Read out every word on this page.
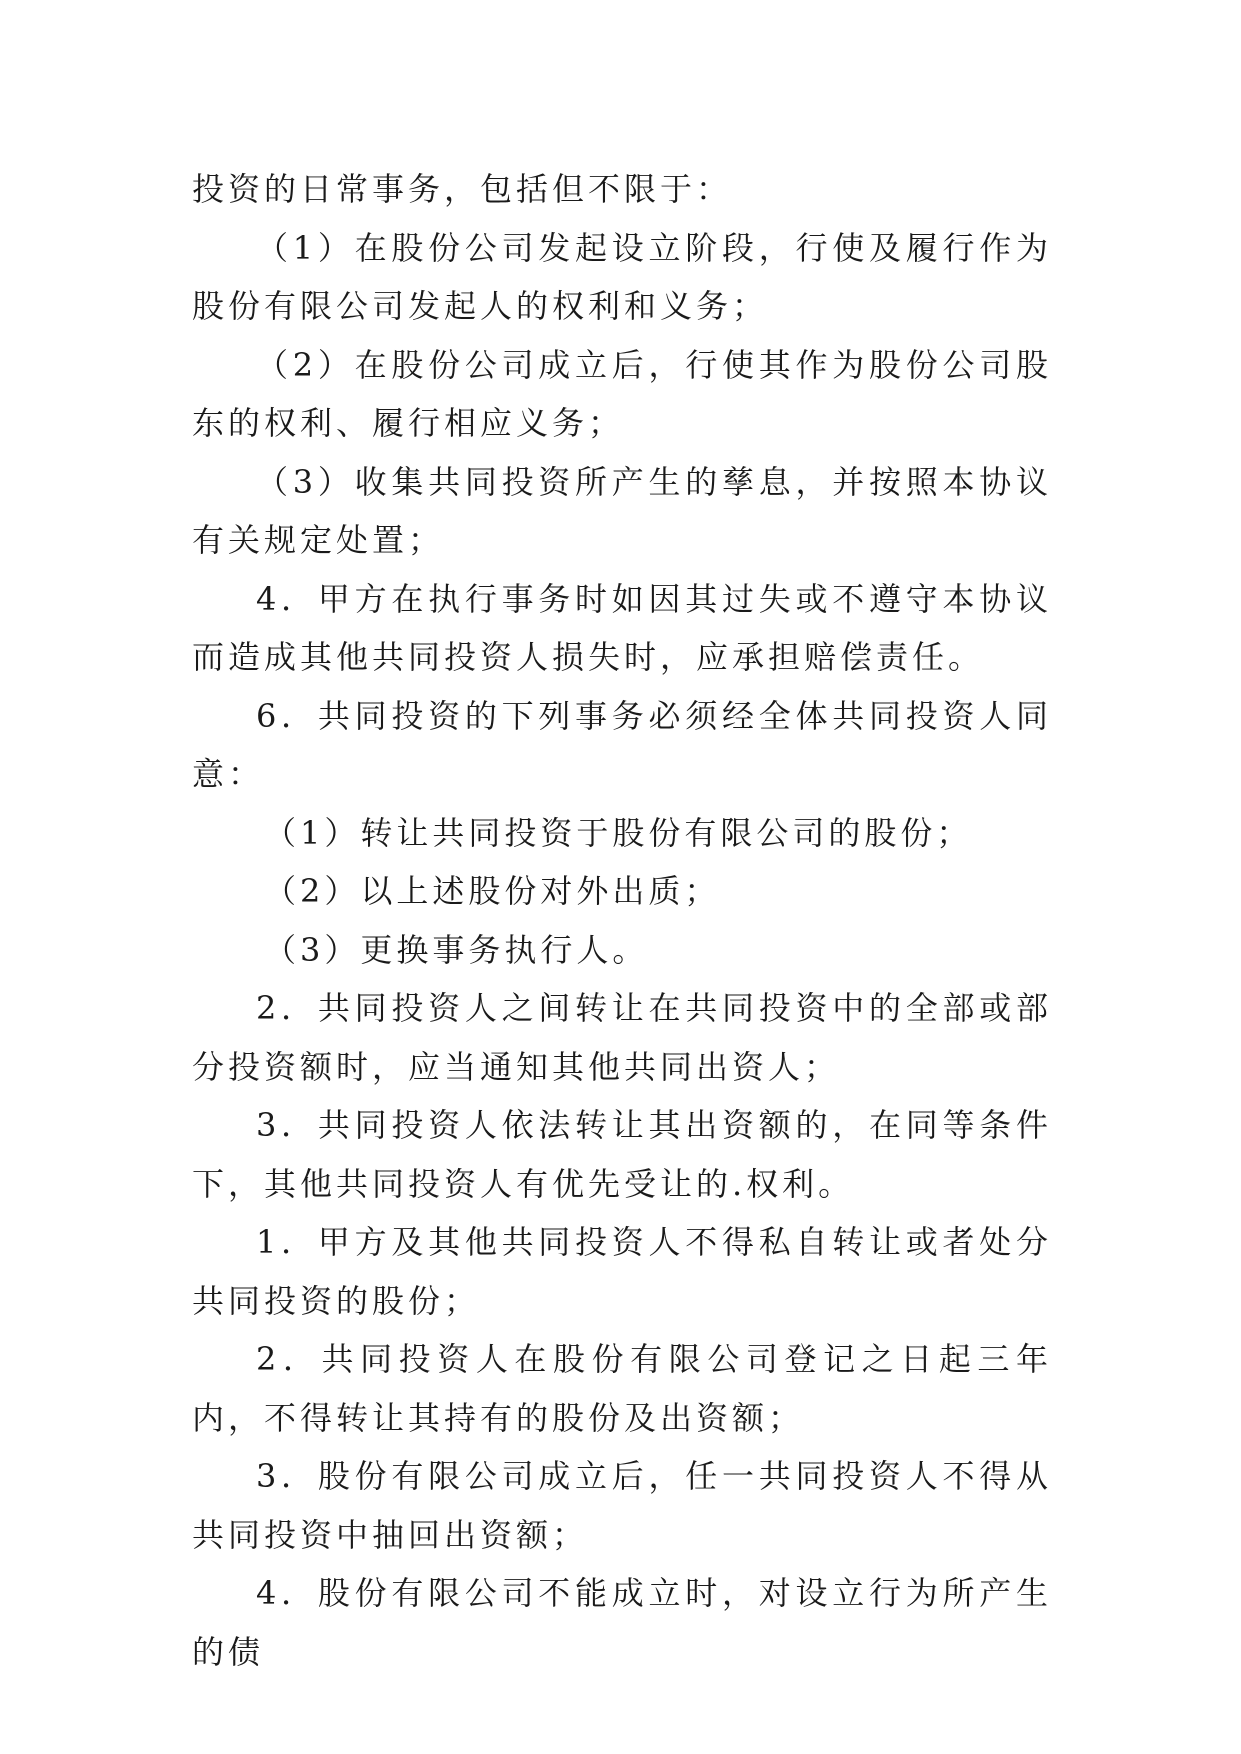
投资的日常事务，包括但不限于：

（1）在股份公司发起设立阶段，行使及履行作为股份有限公司发起人的权利和义务；

（2）在股份公司成立后，行使其作为股份公司股东的权利、履行相应义务；

（3）收集共同投资所产生的孳息，并按照本协议有关规定处置；

4．甲方在执行事务时如因其过失或不遵守本协议而造成其他共同投资人损失时，应承担赔偿责任。

6．共同投资的下列事务必须经全体共同投资人同意：

（1）转让共同投资于股份有限公司的股份；

（2）以上述股份对外出质；

（3）更换事务执行人。

2．共同投资人之间转让在共同投资中的全部或部分投资额时，应当通知其他共同出资人；

3．共同投资人依法转让其出资额的，在同等条件下，其他共同投资人有优先受让的.权利。

1．甲方及其他共同投资人不得私自转让或者处分共同投资的股份；

2．共同投资人在股份有限公司登记之日起三年内，不得转让其持有的股份及出资额；

3．股份有限公司成立后，任一共同投资人不得从共同投资中抽回出资额；

4．股份有限公司不能成立时，对设立行为所产生的债
